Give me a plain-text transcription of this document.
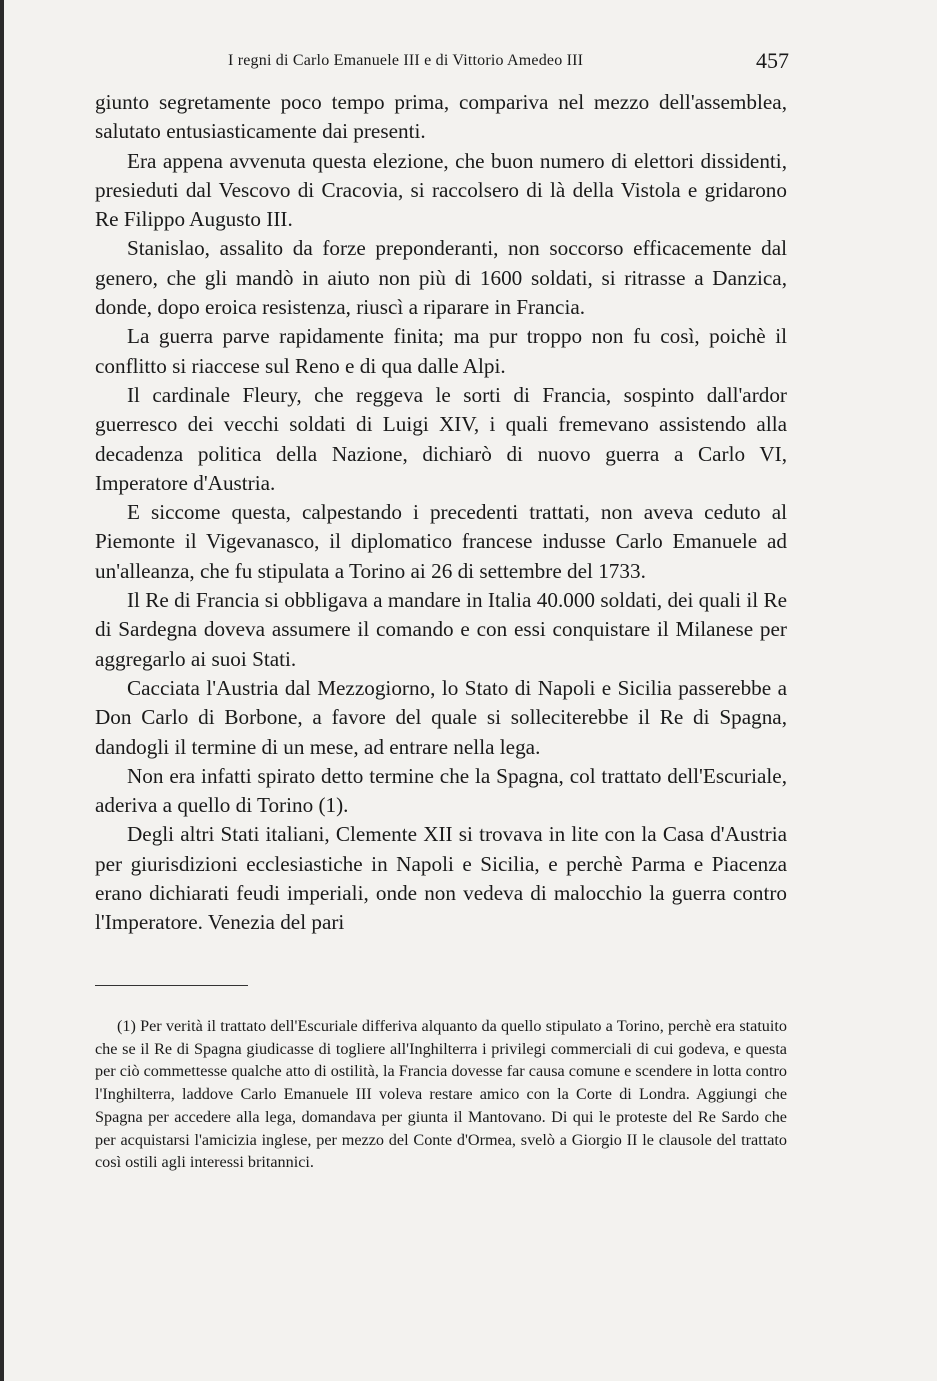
I regni di Carlo Emanuele III e di Vittorio Amedeo III	457

giunto segretamente poco tempo prima, compariva nel mezzo dell'assemblea, salutato entusiasticamente dai presenti.

Era appena avvenuta questa elezione, che buon numero di elettori dissidenti, presieduti dal Vescovo di Cracovia, si raccolsero di là della Vistola e gridarono Re Filippo Augusto III.

Stanislao, assalito da forze preponderanti, non soccorso efficacemente dal genero, che gli mandò in aiuto non più di 1600 soldati, si ritrasse a Danzica, donde, dopo eroica resistenza, riuscì a riparare in Francia.

La guerra parve rapidamente finita; ma pur troppo non fu così, poichè il conflitto si riaccese sul Reno e di qua dalle Alpi.

Il cardinale Fleury, che reggeva le sorti di Francia, sospinto dall'ardor guerresco dei vecchi soldati di Luigi XIV, i quali fremevano assistendo alla decadenza politica della Nazione, dichiarò di nuovo guerra a Carlo VI, Imperatore d'Austria.

E siccome questa, calpestando i precedenti trattati, non aveva ceduto al Piemonte il Vigevanasco, il diplomatico francese indusse Carlo Emanuele ad un'alleanza, che fu stipulata a Torino ai 26 di settembre del 1733.

Il Re di Francia si obbligava a mandare in Italia 40.000 soldati, dei quali il Re di Sardegna doveva assumere il comando e con essi conquistare il Milanese per aggregarlo ai suoi Stati.

Cacciata l'Austria dal Mezzogiorno, lo Stato di Napoli e Sicilia passerebbe a Don Carlo di Borbone, a favore del quale si solleciterebbe il Re di Spagna, dandogli il termine di un mese, ad entrare nella lega.

Non era infatti spirato detto termine che la Spagna, col trattato dell'Escuriale, aderiva a quello di Torino (1).

Degli altri Stati italiani, Clemente XII si trovava in lite con la Casa d'Austria per giurisdizioni ecclesiastiche in Napoli e Sicilia, e perchè Parma e Piacenza erano dichiarati feudi imperiali, onde non vedeva di malocchio la guerra contro l'Imperatore. Venezia del pari

(1) Per verità il trattato dell'Escuriale differiva alquanto da quello stipulato a Torino, perchè era statuito che se il Re di Spagna giudicasse di togliere all'Inghilterra i privilegi commerciali di cui godeva, e questa per ciò commettesse qualche atto di ostilità, la Francia dovesse far causa comune e scendere in lotta contro l'Inghilterra, laddove Carlo Emanuele III voleva restare amico con la Corte di Londra. Aggiungi che Spagna per accedere alla lega, domandava per giunta il Mantovano. Di qui le proteste del Re Sardo che per acquistarsi l'amicizia inglese, per mezzo del Conte d'Ormea, svelò a Giorgio II le clausole del trattato così ostili agli interessi britannici.
